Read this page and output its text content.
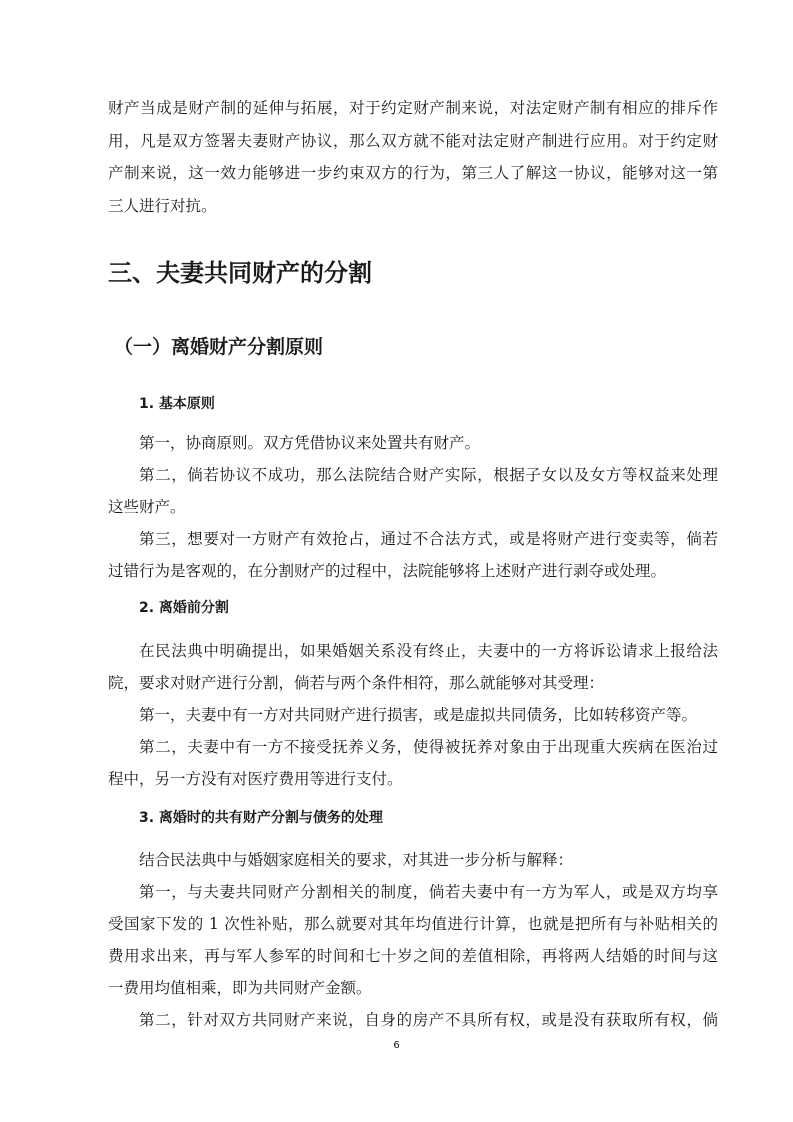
财产当成是财产制的延伸与拓展，对于约定财产制来说，对法定财产制有相应的排斥作
用，凡是双方签署夫妻财产协议，那么双方就不能对法定财产制进行应用。对于约定财
产制来说，这一效力能够进一步约束双方的行为，第三人了解这一协议，能够对这一第
三人进行对抗。
三、夫妻共同财产的分割
（一）离婚财产分割原则
1. 基本原则
第一，协商原则。双方凭借协议来处置共有财产。
第二，倘若协议不成功，那么法院结合财产实际，根据子女以及女方等权益来处理
这些财产。
第三，想要对一方财产有效抢占，通过不合法方式，或是将财产进行变卖等，倘若
过错行为是客观的，在分割财产的过程中，法院能够将上述财产进行剥夺或处理。
2. 离婚前分割
在民法典中明确提出，如果婚姻关系没有终止，夫妻中的一方将诉讼请求上报给法
院，要求对财产进行分割，倘若与两个条件相符，那么就能够对其受理：
第一，夫妻中有一方对共同财产进行损害，或是虚拟共同债务，比如转移资产等。
第二，夫妻中有一方不接受抚养义务，使得被抚养对象由于出现重大疾病在医治过
程中，另一方没有对医疗费用等进行支付。
3. 离婚时的共有财产分割与债务的处理
结合民法典中与婚姻家庭相关的要求，对其进一步分析与解释：
第一，与夫妻共同财产分割相关的制度，倘若夫妻中有一方为军人，或是双方均享
受国家下发的 1 次性补贴，那么就要对其年均值进行计算，也就是把所有与补贴相关的
费用求出来，再与军人参军的时间和七十岁之间的差值相除，再将两人结婚的时间与这
一费用均值相乘，即为共同财产金额。
第二，针对双方共同财产来说，自身的房产不具所有权，或是没有获取所有权，倘
6
